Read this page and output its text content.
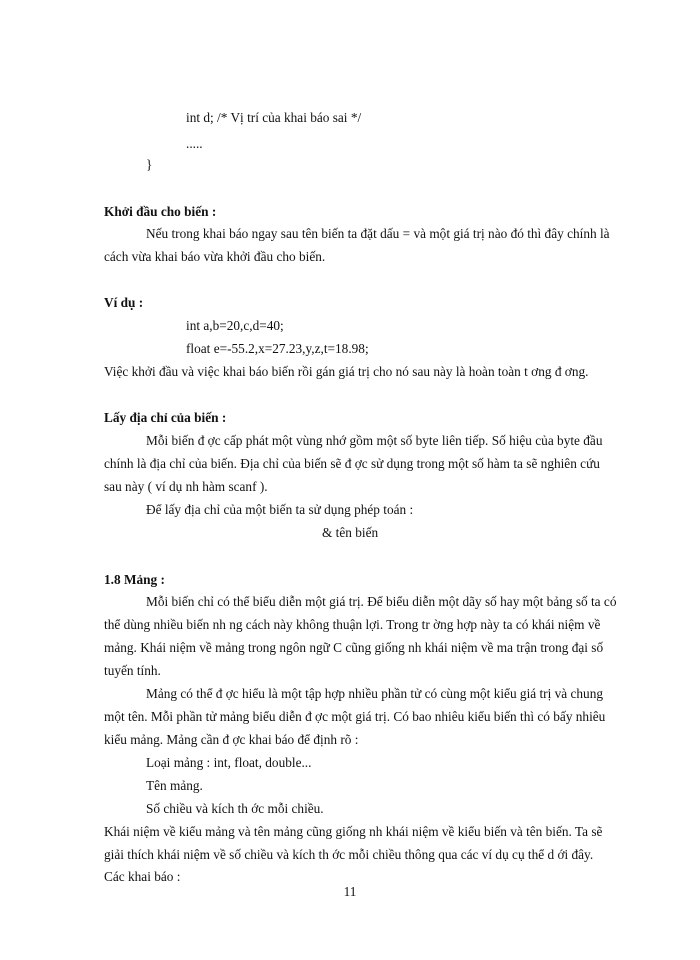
int d; /* Vị trí của khai báo sai */
.....
}
Khởi đầu cho biến :
Nếu trong khai báo ngay sau tên biến ta đặt dấu = và một giá trị nào đó thì đây chính là
cách vừa khai báo vừa khởi đầu cho biến.
Ví dụ :
int a,b=20,c,d=40;
float e=-55.2,x=27.23,y,z,t=18.98;
Việc khởi đầu và việc khai báo biến rồi gán giá trị cho nó sau này là hoàn toàn t ơng đ ơng.
Lấy địa chỉ của biến :
Mỗi biến đ ợc cấp phát một vùng nhớ gồm một số byte liên tiếp. Số hiệu của byte đầu
chính là địa chỉ của biến. Địa chỉ của biến sẽ đ ợc sử dụng trong một số hàm ta sẽ nghiên cứu
sau này ( ví dụ nh hàm scanf ).
Để lấy địa chỉ của một biến ta sử dụng phép toán :
& tên biến
1.8 Mảng :
Mỗi biến chỉ có thể biểu diễn một giá trị. Để biểu diễn một dãy số hay một bảng số ta có
thể dùng nhiều biến nh ng cách này không thuận lợi. Trong tr ờng hợp này ta có khái niệm về
mảng. Khái niệm về mảng trong ngôn ngữ C cũng giống nh khái niệm về ma trận trong đại số
tuyến tính.
Mảng có thể đ ợc hiểu là một tập hợp nhiều phần tử có cùng một kiểu giá trị và chung
một tên. Mỗi phần tử mảng biểu diễn đ ợc một giá trị. Có bao nhiêu kiểu biến thì có bấy nhiêu
kiểu mảng. Mảng cần đ ợc khai báo để định rõ :
Loại mảng : int, float, double...
Tên mảng.
Số chiều và kích th ớc mỗi chiều.
Khái niệm về kiểu mảng và tên mảng cũng giống nh khái niệm về kiểu biến và tên biến. Ta sẽ
giải thích khái niệm về số chiều và kích th ớc mỗi chiều thông qua các ví dụ cụ thể d ới đây.
Các khai báo :
11
